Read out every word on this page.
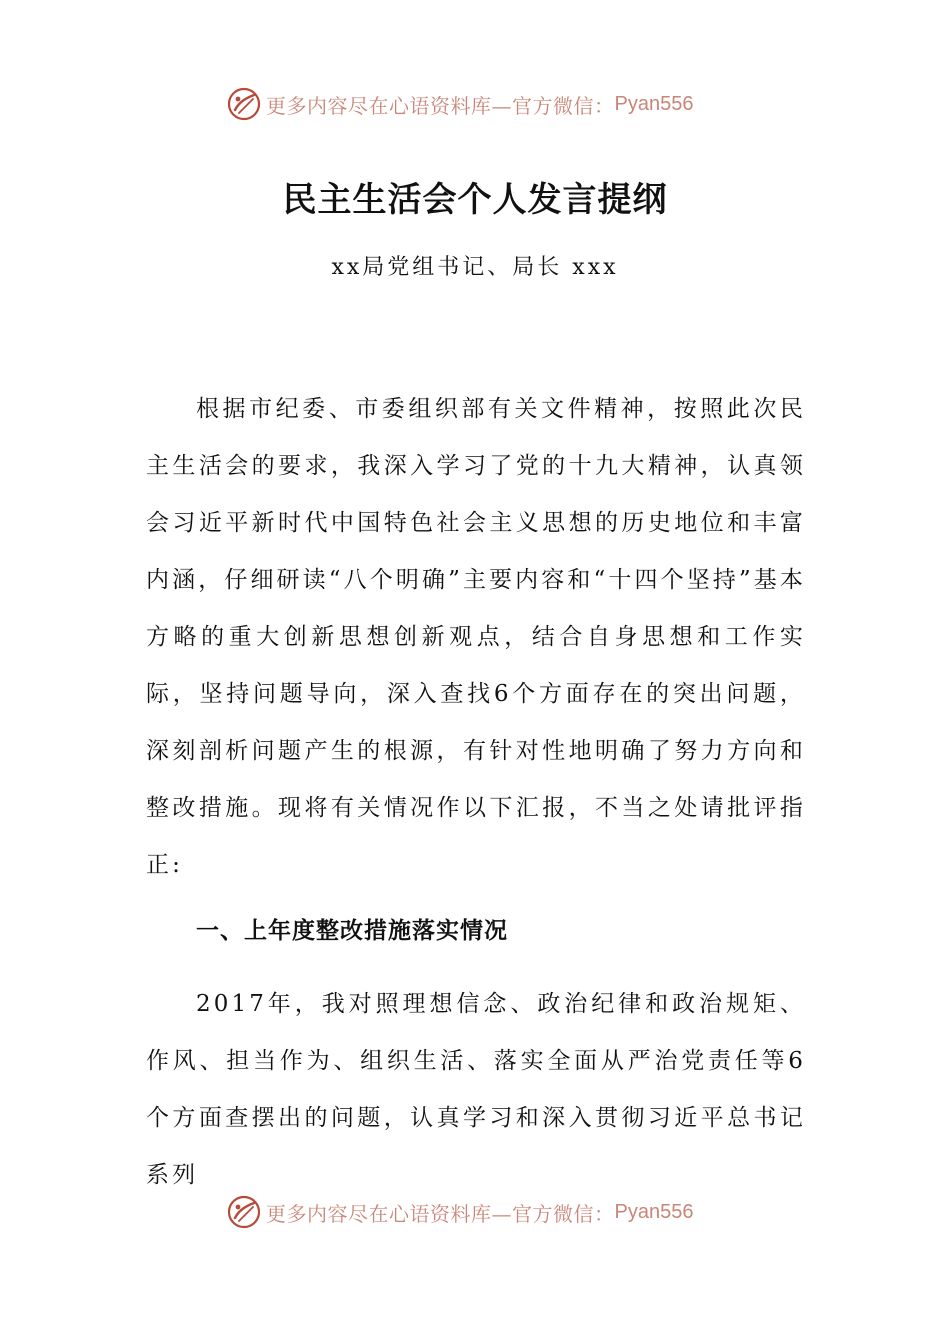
更多内容尽在心语资料库—官方微信： Pyan556
民主生活会个人发言提纲
xx局党组书记、局长 xxx
根据市纪委、市委组织部有关文件精神，按照此次民主生活会的要求，我深入学习了党的十九大精神，认真领会习近平新时代中国特色社会主义思想的历史地位和丰富内涵，仔细研读“八个明确”主要内容和“十四个坚持”基本方略的重大创新思想创新观点，结合自身思想和工作实际，坚持问题导向，深入查找6个方面存在的突出问题，深刻剖析问题产生的根源，有针对性地明确了努力方向和整改措施。现将有关情况作以下汇报，不当之处请批评指正:
一、上年度整改措施落实情况
2017年，我对照理想信念、政治纪律和政治规矩、作风、担当作为、组织生活、落实全面从严治党责任等6个方面查摆出的问题，认真学习和深入贯彻习近平总书记系列
更多内容尽在心语资料库—官方微信： Pyan556
